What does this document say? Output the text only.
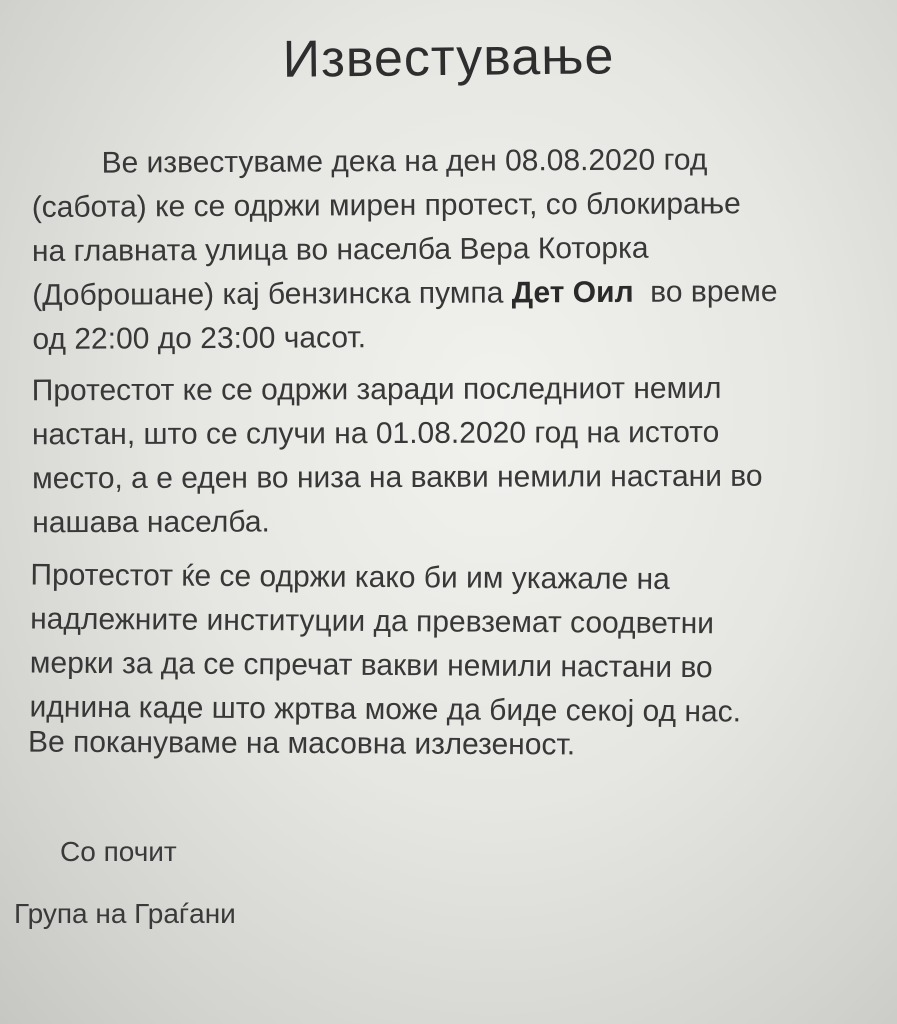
Известување

Ве известуваме дека на ден 08.08.2020 год
(сабота) ке се одржи мирен протест, со блокирање
на главната улица во населба Вера Которка
(Доброшане) кај бензинска пумпа Дет Оил  во време
од 22:00 до 23:00 часот.

Протестот ке се одржи заради последниот немил
настан, што се случи на 01.08.2020 год на истото
место, а е еден во низа на вакви немили настани во
нашава населба.

Протестот ќе се одржи како би им укажале на
надлежните институции да превземат соодветни
мерки за да се спречат вакви немили настани во
иднина каде што жртва може да биде секој од нас.

Ве покануваме на масовна излезеност.

Со почит

Група на Граѓани
